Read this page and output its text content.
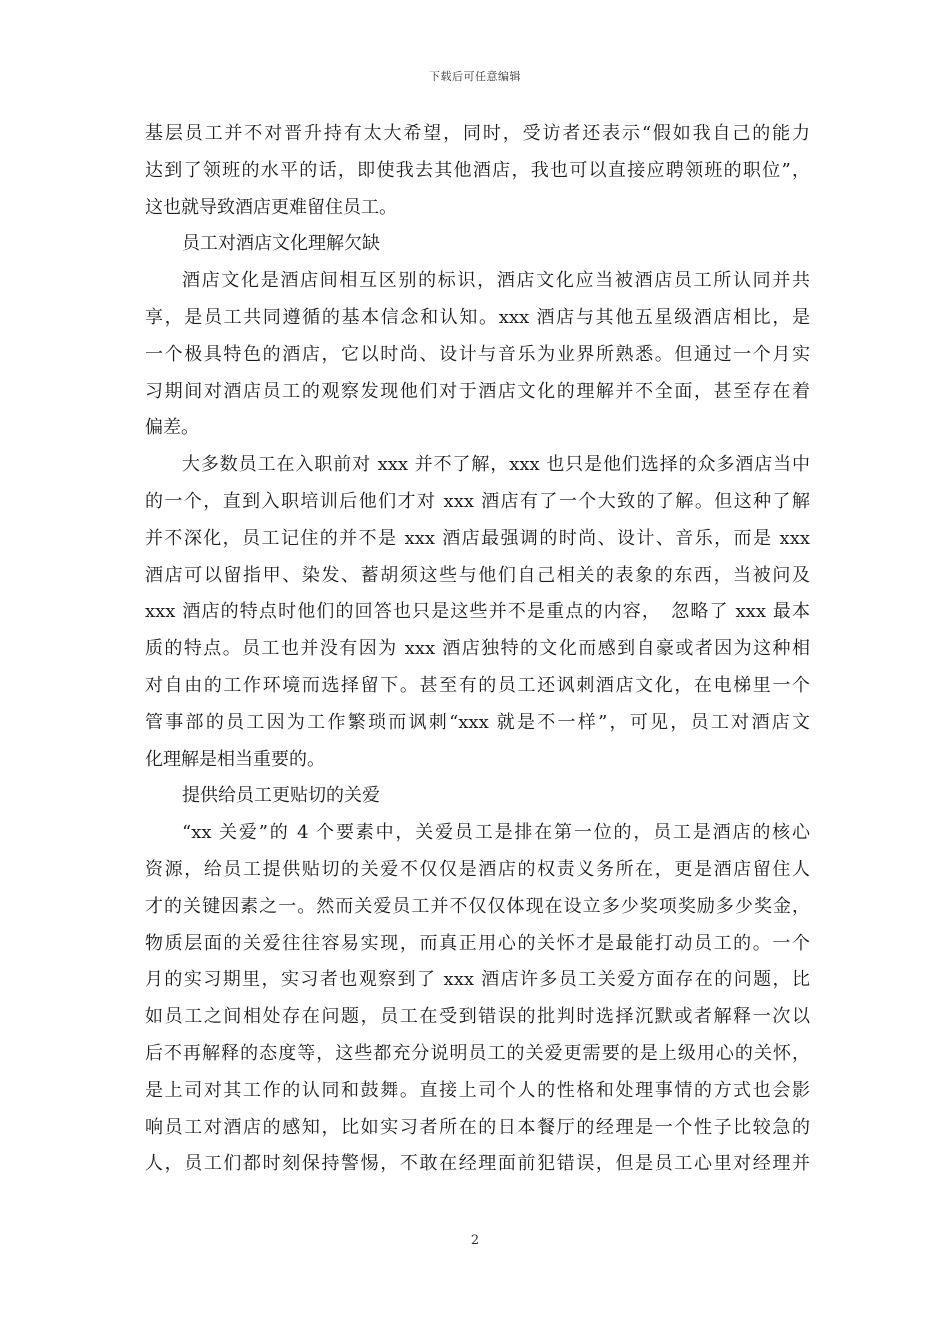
下载后可任意编辑
基层员工并不对晋升持有太大希望，同时，受访者还表示“假如我自己的能力
达到了领班的水平的话，即使我去其他酒店，我也可以直接应聘领班的职位”，
这也就导致酒店更难留住员工。
员工对酒店文化理解欠缺
酒店文化是酒店间相互区别的标识，酒店文化应当被酒店员工所认同并共
享，是员工共同遵循的基本信念和认知。xxx 酒店与其他五星级酒店相比，是
一个极具特色的酒店，它以时尚、设计与音乐为业界所熟悉。但通过一个月实
习期间对酒店员工的观察发现他们对于酒店文化的理解并不全面，甚至存在着
偏差。
大多数员工在入职前对 xxx 并不了解，xxx 也只是他们选择的众多酒店当中
的一个，直到入职培训后他们才对 xxx 酒店有了一个大致的了解。但这种了解
并不深化，员工记住的并不是 xxx 酒店最强调的时尚、设计、音乐，而是 xxx
酒店可以留指甲、染发、蓄胡须这些与他们自己相关的表象的东西，当被问及
xxx 酒店的特点时他们的回答也只是这些并不是重点的内容，　忽略了 xxx 最本
质的特点。员工也并没有因为 xxx 酒店独特的文化而感到自豪或者因为这种相
对自由的工作环境而选择留下。甚至有的员工还讽刺酒店文化，在电梯里一个
管事部的员工因为工作繁琐而讽刺“xxx 就是不一样”，可见，员工对酒店文
化理解是相当重要的。
提供给员工更贴切的关爱
“xx 关爱”的 4 个要素中，关爱员工是排在第一位的，员工是酒店的核心
资源，给员工提供贴切的关爱不仅仅是酒店的权责义务所在，更是酒店留住人
才的关键因素之一。然而关爱员工并不仅仅体现在设立多少奖项奖励多少奖金，
物质层面的关爱往往容易实现，而真正用心的关怀才是最能打动员工的。一个
月的实习期里，实习者也观察到了 xxx 酒店许多员工关爱方面存在的问题，比
如员工之间相处存在问题，员工在受到错误的批判时选择沉默或者解释一次以
后不再解释的态度等，这些都充分说明员工的关爱更需要的是上级用心的关怀，
是上司对其工作的认同和鼓舞。直接上司个人的性格和处理事情的方式也会影
响员工对酒店的感知，比如实习者所在的日本餐厅的经理是一个性子比较急的
人，员工们都时刻保持警惕，不敢在经理面前犯错误，但是员工心里对经理并
2
